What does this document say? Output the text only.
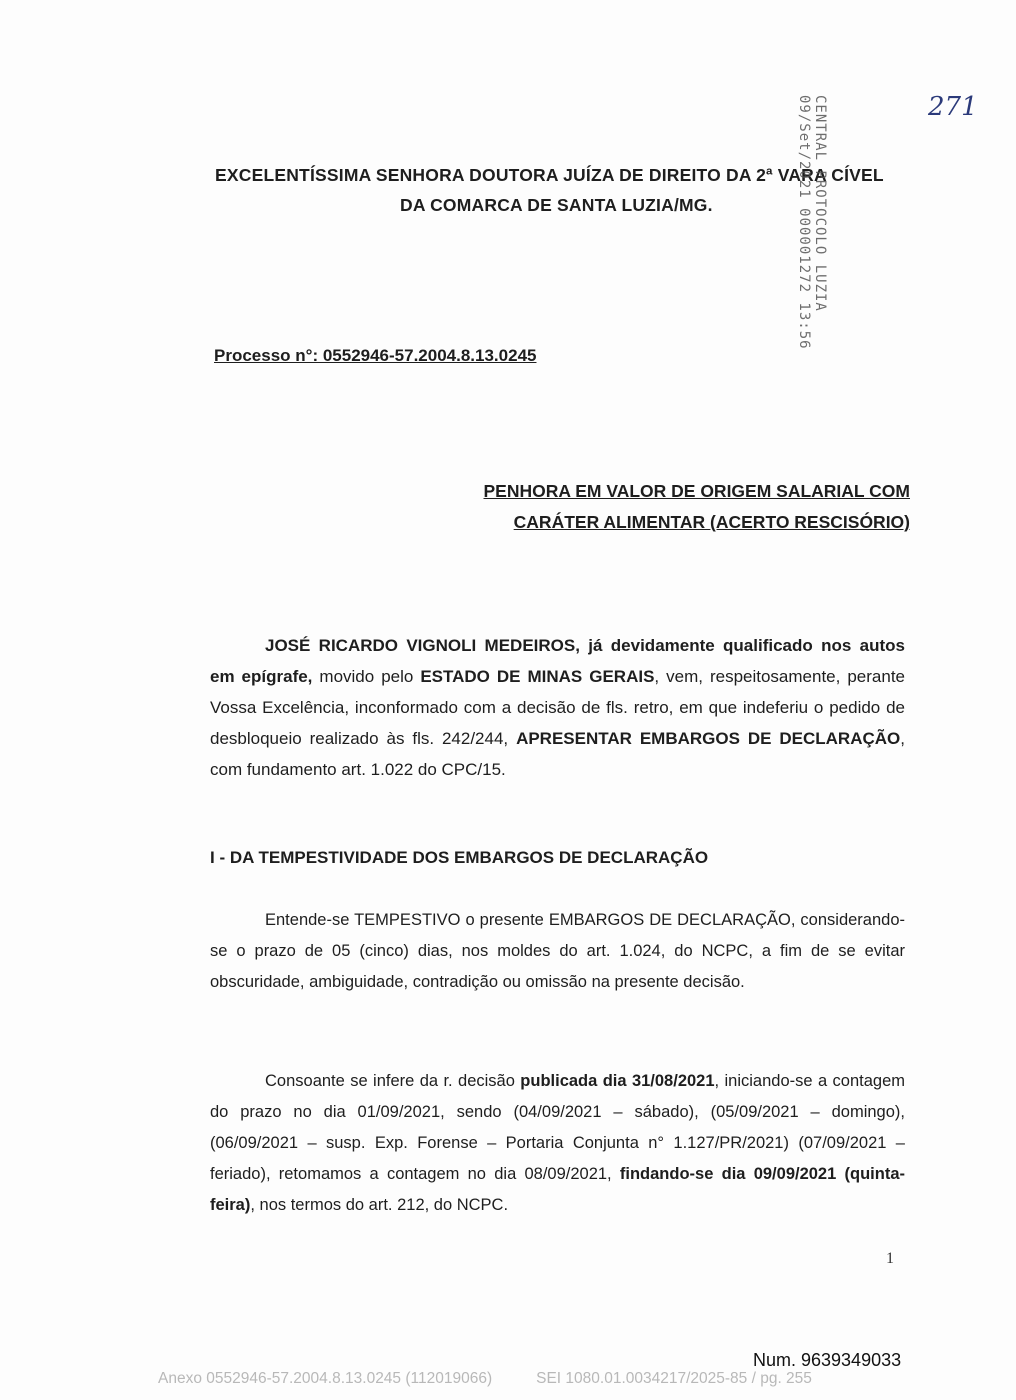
EXCELENTÍSSIMA SENHORA DOUTORA JUÍZA DE DIREITO DA 2ª VARA CÍVEL
DA COMARCA DE SANTA LUZIA/MG.	CENTRAL PROTOCOLO LUZIA 09/Set/2021 000001272 13:56	271
Processo n°: 0552946-57.2004.8.13.0245
PENHORA EM VALOR DE ORIGEM SALARIAL COM
CARÁTER ALIMENTAR (ACERTO RESCISÓRIO)
JOSÉ RICARDO VIGNOLI MEDEIROS, já devidamente qualificado nos autos em epígrafe, movido pelo ESTADO DE MINAS GERAIS, vem, respeitosamente, perante Vossa Excelência, inconformado com a decisão de fls. retro, em que indeferiu o pedido de desbloqueio realizado às fls. 242/244, APRESENTAR EMBARGOS DE DECLARAÇÃO, com fundamento art. 1.022 do CPC/15.
I - DA TEMPESTIVIDADE DOS EMBARGOS DE DECLARAÇÃO
Entende-se TEMPESTIVO o presente EMBARGOS DE DECLARAÇÃO, considerando-se o prazo de 05 (cinco) dias, nos moldes do art. 1.024, do NCPC, a fim de se evitar obscuridade, ambiguidade, contradição ou omissão na presente decisão.
Consoante se infere da r. decisão publicada dia 31/08/2021, iniciando-se a contagem do prazo no dia 01/09/2021, sendo (04/09/2021 – sábado), (05/09/2021 – domingo), (06/09/2021 – susp. Exp. Forense – Portaria Conjunta n° 1.127/PR/2021) (07/09/2021 – feriado), retomamos a contagem no dia 08/09/2021, findando-se dia 09/09/2021 (quinta-feira), nos termos do art. 212, do NCPC.
1
Num. 9639349033
Anexo 0552946-57.2004.8.13.0245 (112019066)	SEI 1080.01.0034217/2025-85 / pg. 255
